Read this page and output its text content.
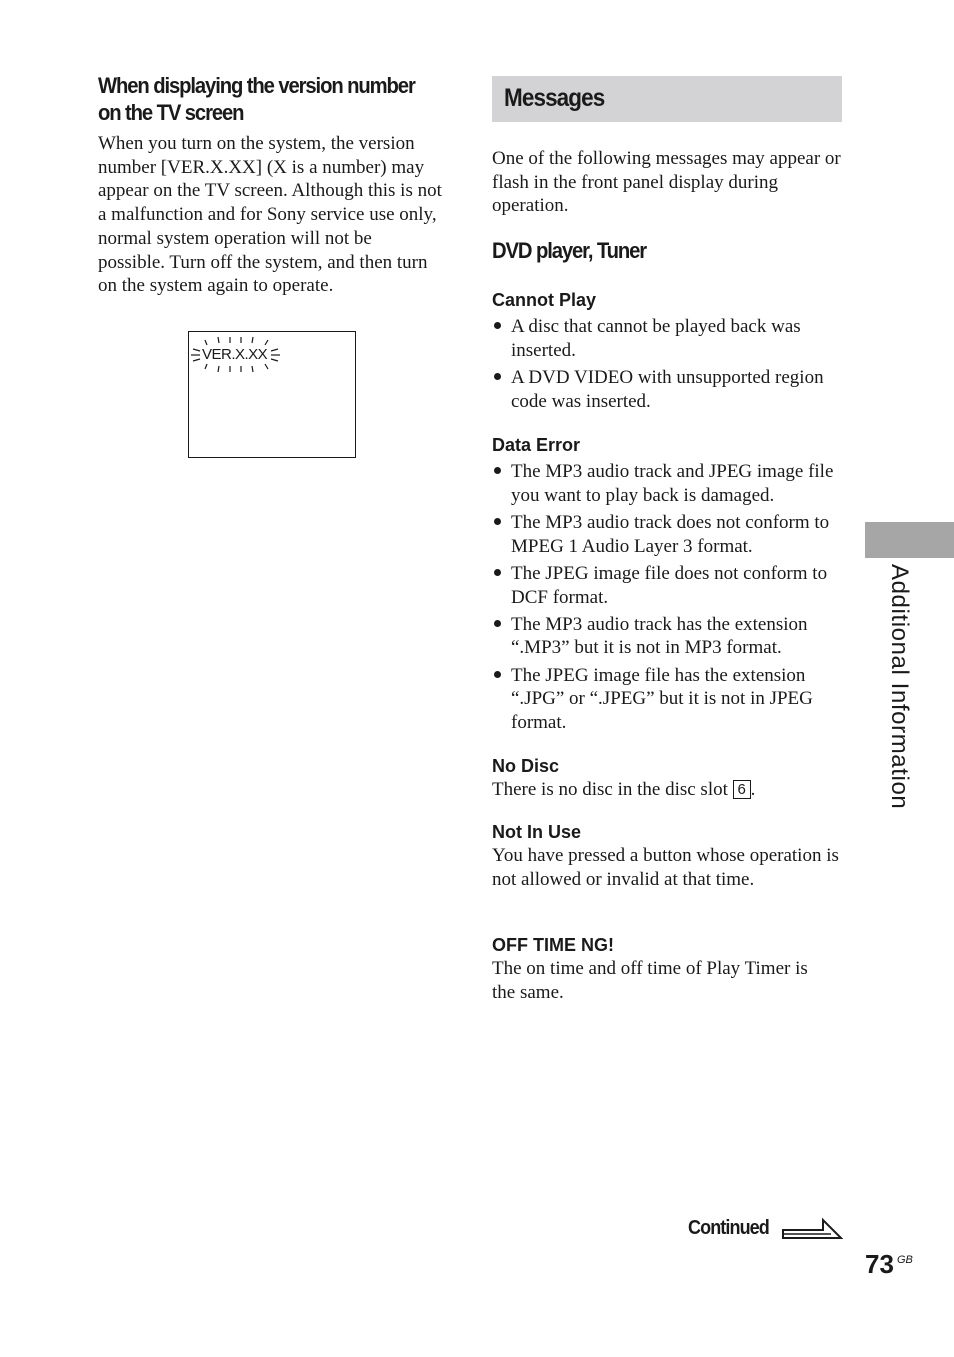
When displaying the version number on the TV screen
When you turn on the system, the version number [VER.X.XX] (X is a number) may appear on the TV screen. Although this is not a malfunction and for Sony service use only, normal system operation will not be possible. Turn off the system, and then turn on the system again to operate.
VER.X.XX
Messages
One of the following messages may appear or flash in the front panel display during operation.
DVD player, Tuner
Cannot Play
A disc that cannot be played back was inserted.
A DVD VIDEO with unsupported region code was inserted.
Data Error
The MP3 audio track and JPEG image file you want to play back is damaged.
The MP3 audio track does not conform to MPEG 1 Audio Layer 3 format.
The JPEG image file does not conform to DCF format.
The MP3 audio track has the extension “.MP3” but it is not in MP3 format.
The JPEG image file has the extension “.JPG” or “.JPEG” but it is not in JPEG format.
No Disc
There is no disc in the disc slot 6 .
Not In Use
You have pressed a button whose operation is not allowed or invalid at that time.
OFF TIME NG!
The on time and off time of Play Timer is the same.
Additional Information
Continued
73 GB
